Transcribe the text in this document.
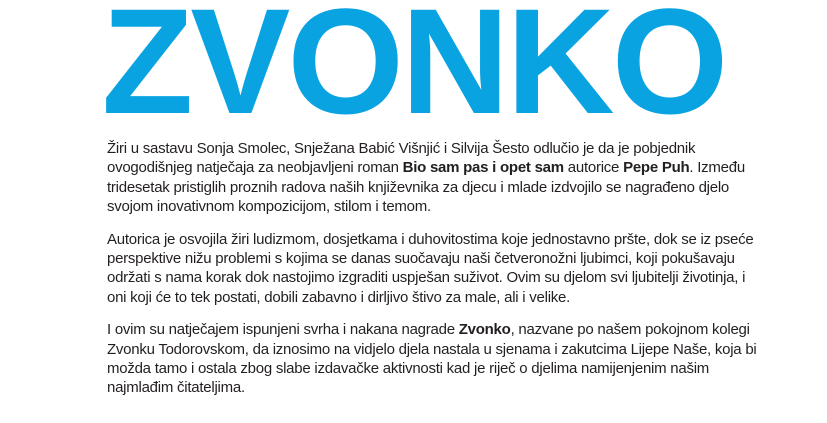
ZVONKO

Žiri u sastavu Sonja Smolec, Snježana Babić Višnjić i Silvija Šesto odlučio je da je pobjednik ovogodišnjeg natječaja za neobjavljeni roman Bio sam pas i opet sam autorice Pepe Puh. Između tridesetak pristiglih proznih radova naših književnika za djecu i mlade izdvojilo se nagrađeno djelo svojom inovativnom kompozicijom, stilom i temom.

Autorica je osvojila žiri ludizmom, dosjetkama i duhovitostima koje jednostavno pršte, dok se iz pseće perspektive nižu problemi s kojima se danas suočavaju naši četveronožni ljubimci, koji pokušavaju održati s nama korak dok nastojimo izgraditi uspješan suživot. Ovim su djelom svi ljubitelji životinja, i oni koji će to tek postati, dobili zabavno i dirljivo štivo za male, ali i velike.

I ovim su natječajem ispunjeni svrha i nakana nagrade Zvonko, nazvane po našem pokojnom kolegi Zvonku Todorovskom, da iznosimo na vidjelo djela nastala u sjenama i zakutcima Lijepe Naše, koja bi možda tamo i ostala zbog slabe izdavačke aktivnosti kad je riječ o djelima namijenjenim našim najmlađim čitateljima.
